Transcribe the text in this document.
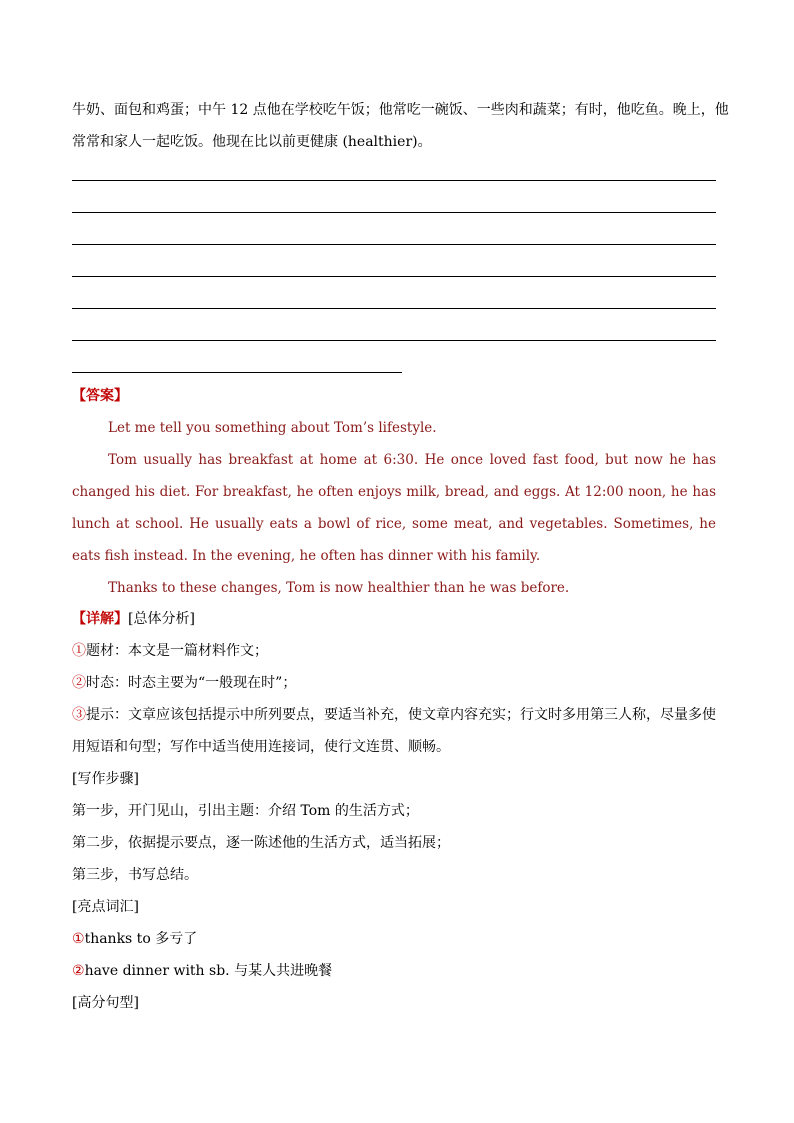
牛奶、面包和鸡蛋；中午 12 点他在学校吃午饭；他常吃一碗饭、一些肉和蔬菜；有时，他吃鱼。晚上，他
常常和家人一起吃饭。他现在比以前更健康 (healthier)。
【答案】
Let me tell you something about Tom’s lifestyle.
Tom usually has breakfast at home at 6:30. He once loved fast food, but now he has changed his diet. For breakfast, he often enjoys milk, bread, and eggs. At 12:00 noon, he has lunch at school. He usually eats a bowl of rice, some meat, and vegetables. Sometimes, he eats fish instead. In the evening, he often has dinner with his family.
Thanks to these changes, Tom is now healthier than he was before.
【详解】[总体分析]
①题材：本文是一篇材料作文；
②时态：时态主要为“一般现在时”；
③提示：文章应该包括提示中所列要点，要适当补充，使文章内容充实；行文时多用第三人称，尽量多使
用短语和句型；写作中适当使用连接词，使行文连贯、顺畅。
[写作步骤]
第一步，开门见山，引出主题：介绍 Tom 的生活方式；
第二步，依据提示要点，逐一陈述他的生活方式，适当拓展；
第三步，书写总结。
[亮点词汇]
①thanks to 多亏了
②have dinner with sb. 与某人共进晚餐
[高分句型]
